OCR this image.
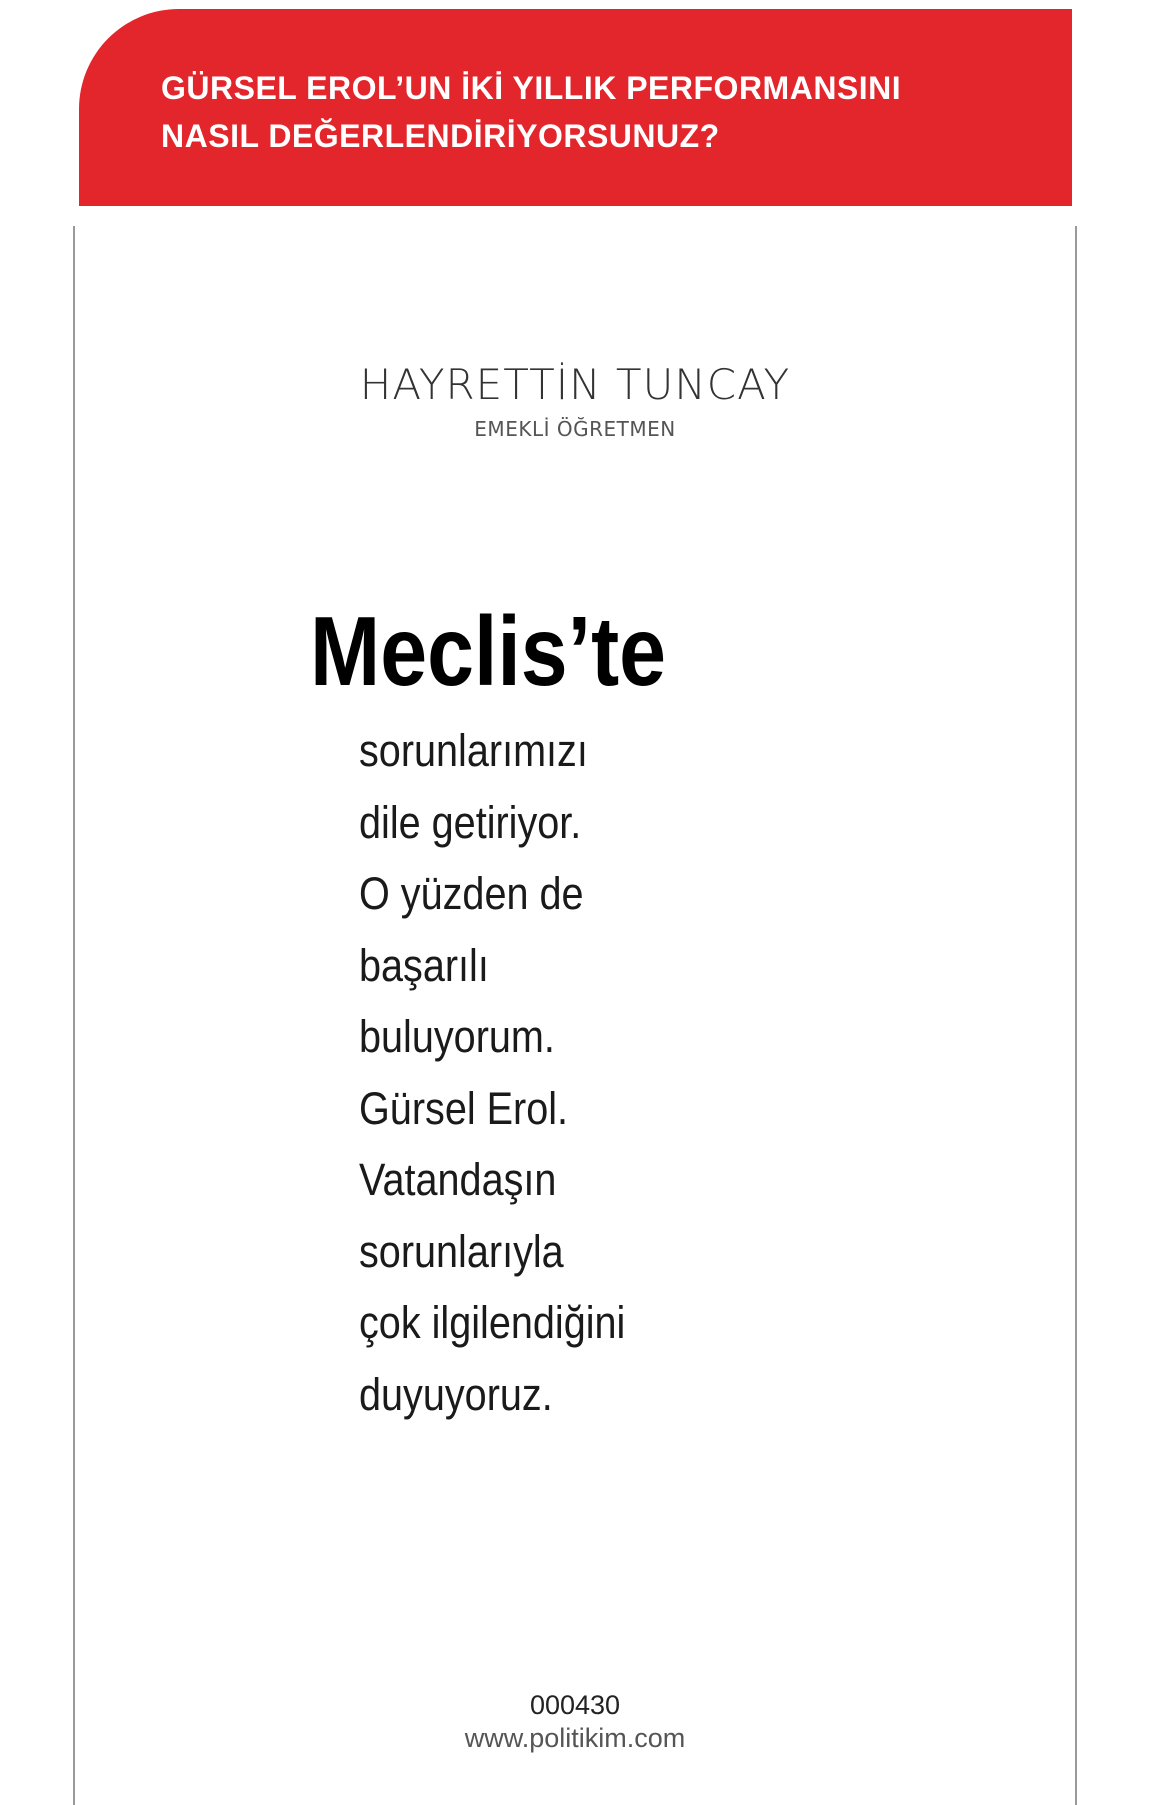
GÜRSEL EROL’UN İKİ YILLIK PERFORMANSINI
NASIL DEĞERLENDİRİYORSUNUZ?
HAYRETTİN TUNCAY
EMEKLİ ÖĞRETMEN
Meclis’te
sorunlarımızı
dile getiriyor.
O yüzden de
başarılı
buluyorum.
Gürsel Erol.
Vatandaşın
sorunlarıyla
çok ilgilendiğini
duyuyoruz.
000430
www.politikim.com
